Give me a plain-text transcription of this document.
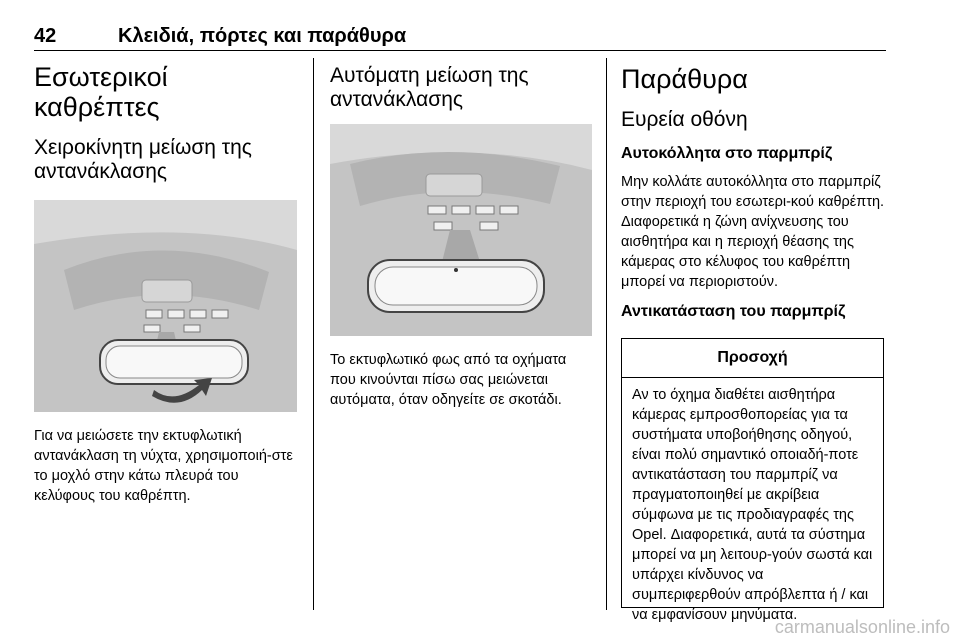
42	Κλειδιά, πόρτες και παράθυρα
Εσωτερικοί καθρέπτες
Χειροκίνητη μείωση της αντανάκλασης

Για να μειώσετε την εκτυφλωτική αντανάκλαση τη νύχτα, χρησιμοποιή-στε το μοχλό στην κάτω πλευρά του κελύφους του καθρέπτη.

Αυτόματη μείωση της αντανάκλασης

Το εκτυφλωτικό φως από τα οχήματα που κινούνται πίσω σας μειώνεται αυτόματα, όταν οδηγείτε σε σκοτάδι.

Παράθυρα
Ευρεία οθόνη
Αυτοκόλλητα στο παρμπρίζ

Μην κολλάτε αυτοκόλλητα στο παρμπρίζ στην περιοχή του εσωτερι-κού καθρέπτη. Διαφορετικά η ζώνη ανίχνευσης του αισθητήρα και η περιοχή θέασης της κάμερας στο κέλυφος του καθρέπτη μπορεί να περιοριστούν.

Αντικατάσταση του παρμπρίζ
Προσοχή
Αν το όχημα διαθέτει αισθητήρα κάμερας εμπροσθοπορείας για τα συστήματα υποβοήθησης οδηγού, είναι πολύ σημαντικό οποιαδή-ποτε αντικατάσταση του παρμπρίζ να πραγματοποιηθεί με ακρίβεια σύμφωνα με τις προδιαγραφές της Opel. Διαφορετικά, αυτά τα σύστημα μπορεί να μη λειτουρ-γούν σωστά και υπάρχει κίνδυνος να συμπεριφερθούν απρόβλεπτα ή / και να εμφανίσουν μηνύματα.
carmanualsonline.info
